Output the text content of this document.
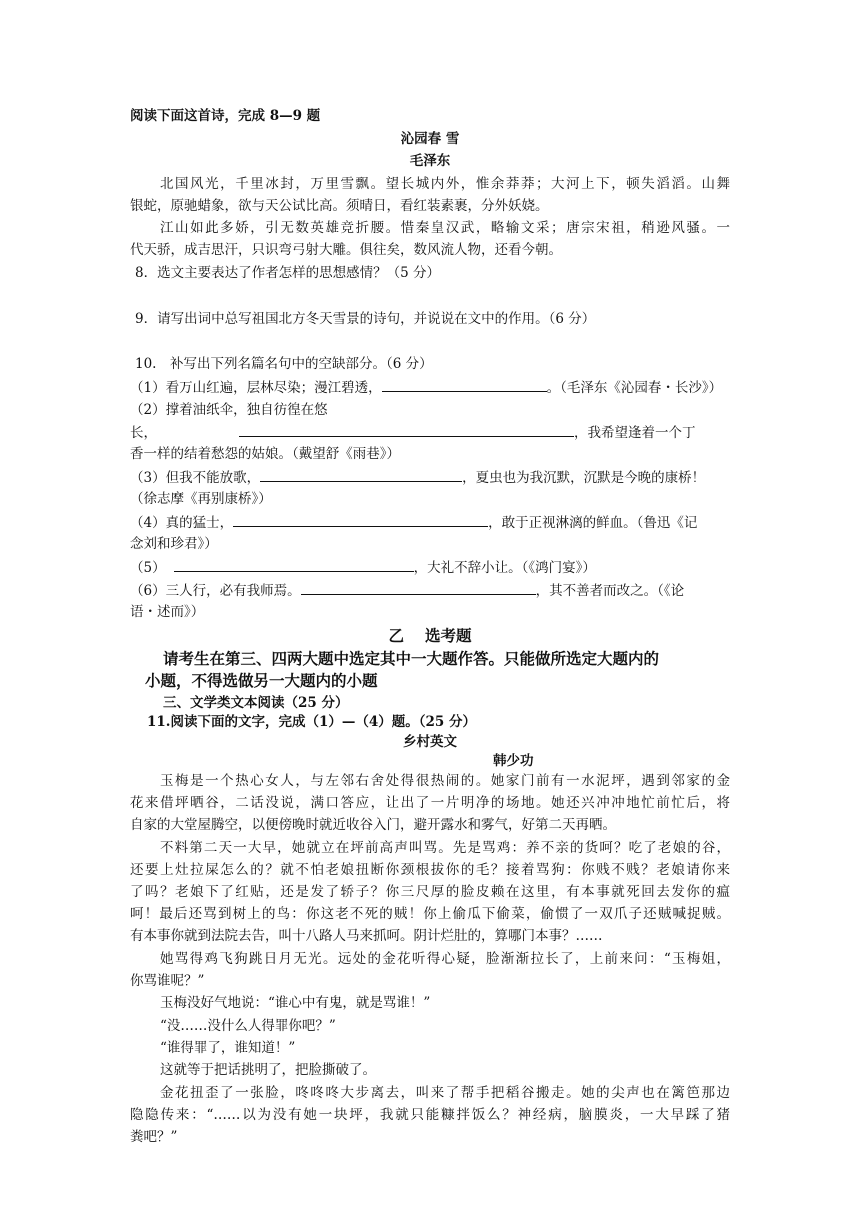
阅读下面这首诗，完成 8—9 题
沁园春 雪
毛泽东
北国风光，千里冰封，万里雪飘。望长城内外，惟余莽莽；大河上下，顿失滔滔。山舞
银蛇，原驰蜡象，欲与天公试比高。须晴日，看红装素裹，分外妖娆。
江山如此多娇，引无数英雄竞折腰。惜秦皇汉武，略输文采；唐宗宋祖，稍逊风骚。一
代天骄，成吉思汗，只识弯弓射大雕。俱往矣，数风流人物，还看今朝。
8．选文主要表达了作者怎样的思想感情？（5 分）
9．请写出词中总写祖国北方冬天雪景的诗句，并说说在文中的作用。（6 分）
10.　补写出下列名篇名句中的空缺部分。（6 分）
（1）看万山红遍，层林尽染；漫江碧透，	。（毛泽东《沁园春・长沙》）
（2）撑着油纸伞，独自彷徨在悠
长，	，我希望逢着一个丁
香一样的结着愁怨的姑娘。（戴望舒《雨巷》）
（3）但我不能放歌，	，夏虫也为我沉默，沉默是今晚的康桥！
（徐志摩《再别康桥》）
（4）真的猛士，	，敢于正视淋漓的鲜血。（鲁迅《记
念刘和珍君》）
（5）	，大礼不辞小让。（《鸿门宴》）
（6）三人行，必有我师焉。	，其不善者而改之。（《论
语・述而》）
乙　 选考题
请考生在第三、四两大题中选定其中一大题作答。只能做所选定大题内的
小题，不得选做另一大题内的小题
三、文学类文本阅读（25 分）
11.阅读下面的文字，完成（1）—（4）题。（25 分）
乡村英文
韩少功
玉梅是一个热心女人，与左邻右舍处得很热闹的。她家门前有一水泥坪，遇到邻家的金
花来借坪晒谷，二话没说，满口答应，让出了一片明净的场地。她还兴冲冲地忙前忙后，将
自家的大堂屋腾空，以便傍晚时就近收谷入门，避开露水和雾气，好第二天再晒。
不料第二天一大早，她就立在坪前高声叫骂。先是骂鸡：养不亲的货呵？吃了老娘的谷，
还要上灶拉屎怎么的？就不怕老娘扭断你颈根拔你的毛？接着骂狗：你贱不贱？老娘请你来
了吗？老娘下了红贴，还是发了轿子？你三尺厚的脸皮赖在这里，有本事就死回去发你的瘟
呵！最后还骂到树上的鸟：你这老不死的贼！你上偷瓜下偷菜，偷惯了一双爪子还贼喊捉贼。
有本事你就到法院去告，叫十八路人马来抓呵。阴计烂肚的，算哪门本事？……
她骂得鸡飞狗跳日月无光。远处的金花听得心疑，脸渐渐拉长了，上前来问：“玉梅姐，
你骂谁呢？”
玉梅没好气地说：“谁心中有鬼，就是骂谁！”
“没……没什么人得罪你吧？”
“谁得罪了，谁知道！”
这就等于把话挑明了，把脸撕破了。
金花扭歪了一张脸，咚咚咚大步离去，叫来了帮手把稻谷搬走。她的尖声也在篱笆那边
隐隐传来：“……以为没有她一块坪，我就只能糠拌饭么？神经病，脑膜炎，一大早踩了猪
粪吧？”
